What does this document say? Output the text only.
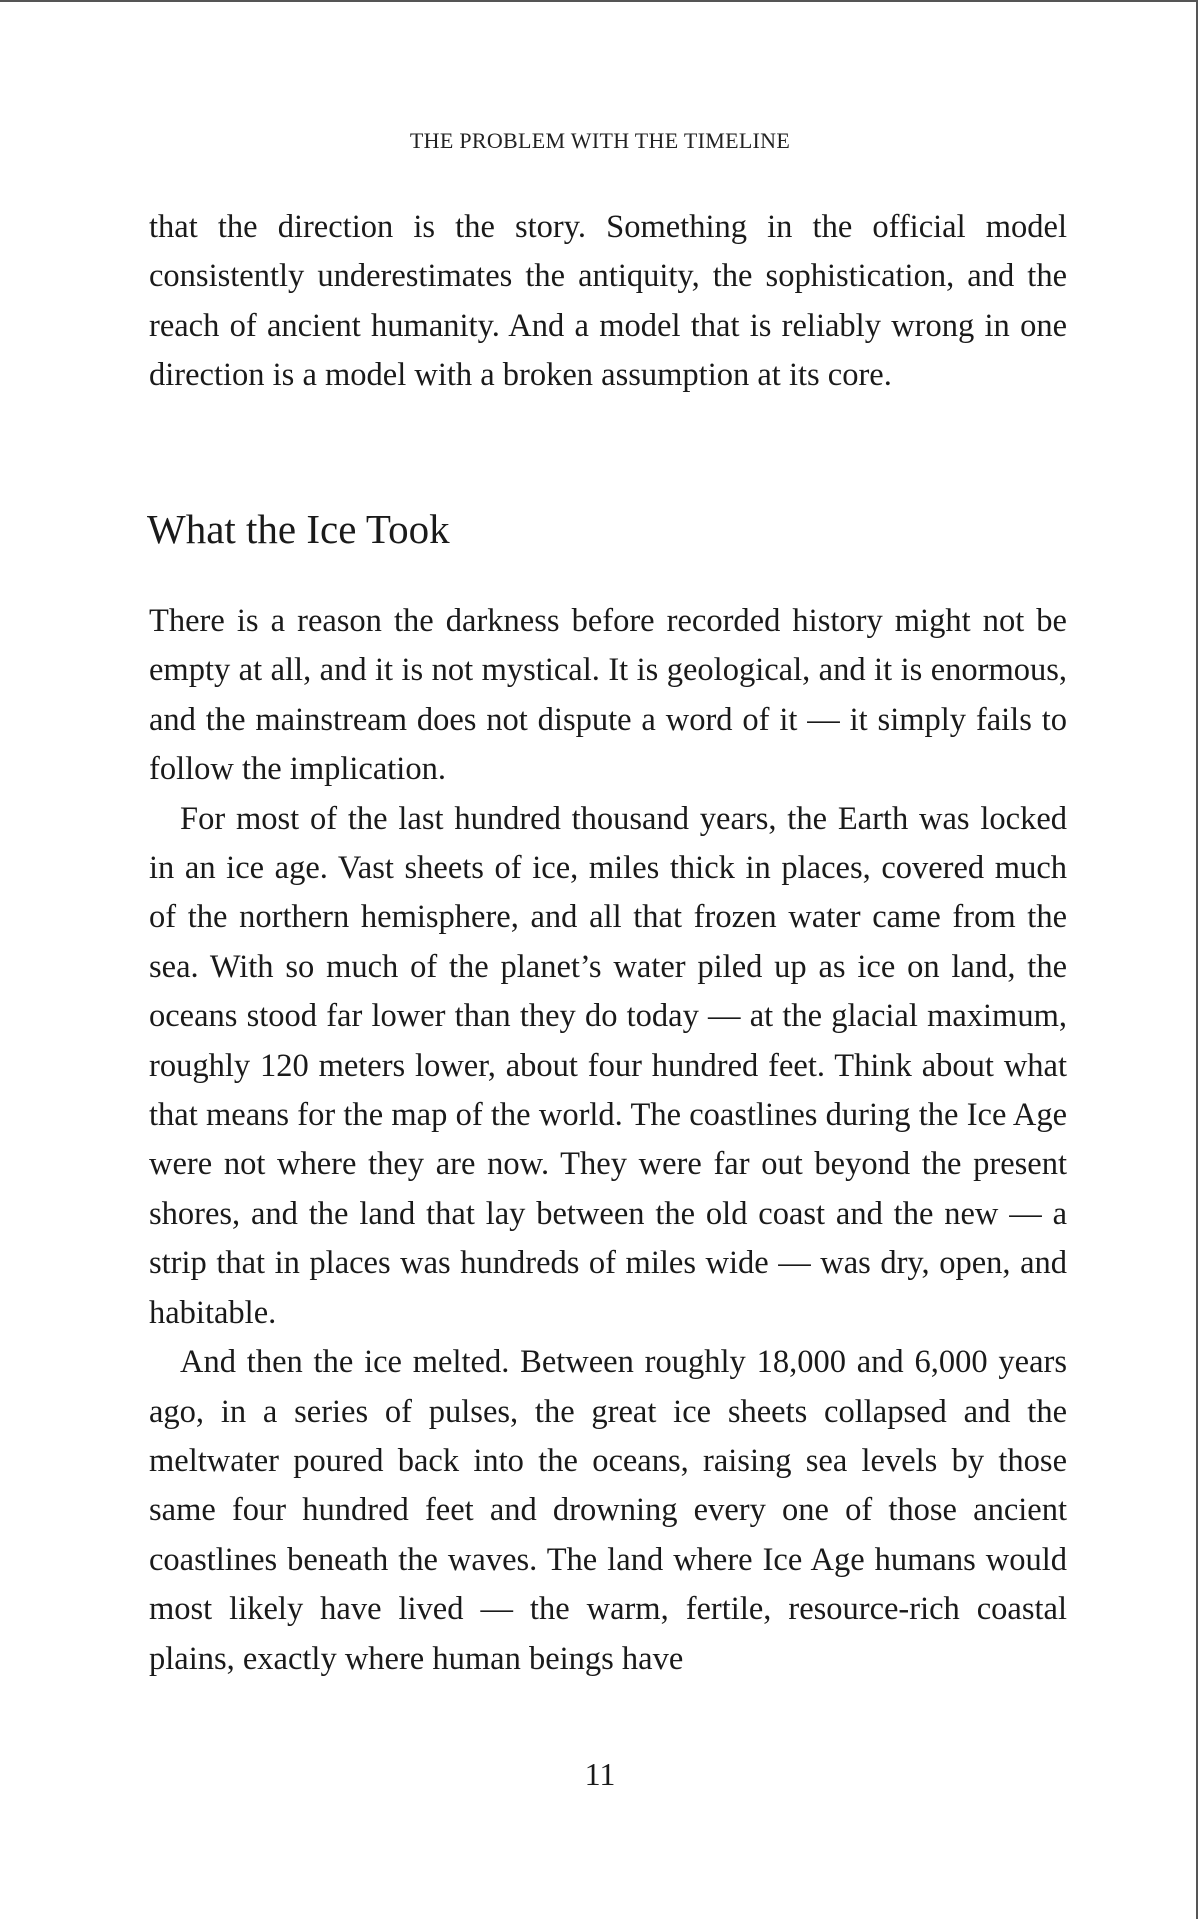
THE PROBLEM WITH THE TIMELINE

that the direction is the story. Something in the official model consistently underestimates the antiquity, the sophistication, and the reach of ancient humanity. And a model that is reliably wrong in one direction is a model with a broken assumption at its core.

What the Ice Took

There is a reason the darkness before recorded history might not be empty at all, and it is not mystical. It is geological, and it is enormous, and the mainstream does not dispute a word of it — it simply fails to follow the implication.

For most of the last hundred thousand years, the Earth was locked in an ice age. Vast sheets of ice, miles thick in places, covered much of the northern hemisphere, and all that frozen water came from the sea. With so much of the planet’s water piled up as ice on land, the oceans stood far lower than they do today — at the glacial maximum, roughly 120 meters lower, about four hundred feet. Think about what that means for the map of the world. The coastlines during the Ice Age were not where they are now. They were far out beyond the present shores, and the land that lay between the old coast and the new — a strip that in places was hundreds of miles wide — was dry, open, and habitable.

And then the ice melted. Between roughly 18,000 and 6,000 years ago, in a series of pulses, the great ice sheets collapsed and the meltwater poured back into the oceans, raising sea levels by those same four hundred feet and drowning every one of those ancient coastlines beneath the waves. The land where Ice Age humans would most likely have lived — the warm, fertile, resource-rich coastal plains, exactly where human beings have

11
